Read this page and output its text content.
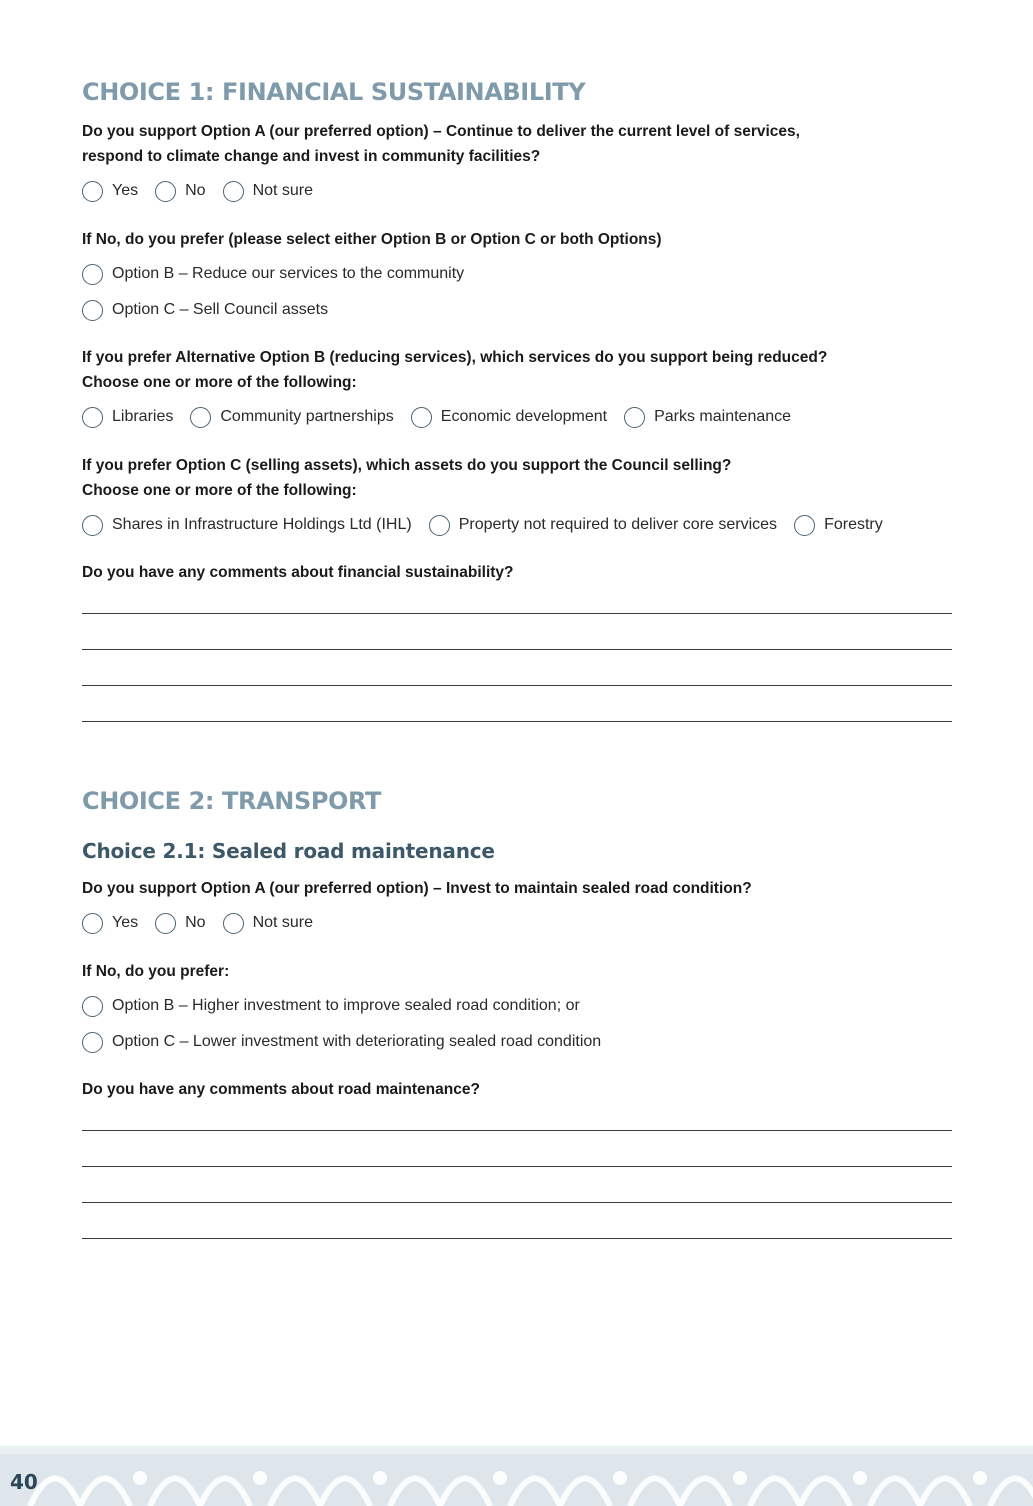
CHOICE 1: FINANCIAL SUSTAINABILITY
Do you support Option A (our preferred option) – Continue to deliver the current level of services,
respond to climate change and invest in community facilities?
Yes	No	Not sure
If No, do you prefer (please select either Option B or Option C or both Options)
Option B – Reduce our services to the community
Option C – Sell Council assets
If you prefer Alternative Option B (reducing services), which services do you support being reduced?
Choose one or more of the following:
Libraries	Community partnerships	Economic development	Parks maintenance
If you prefer Option C (selling assets), which assets do you support the Council selling?
Choose one or more of the following:
Shares in Infrastructure Holdings Ltd (IHL)	Property not required to deliver core services	Forestry
Do you have any comments about financial sustainability?
CHOICE 2: TRANSPORT
Choice 2.1: Sealed road maintenance
Do you support Option A (our preferred option) – Invest to maintain sealed road condition?
Yes	No	Not sure
If No, do you prefer:
Option B – Higher investment to improve sealed road condition; or
Option C – Lower investment with deteriorating sealed road condition
Do you have any comments about road maintenance?
40
